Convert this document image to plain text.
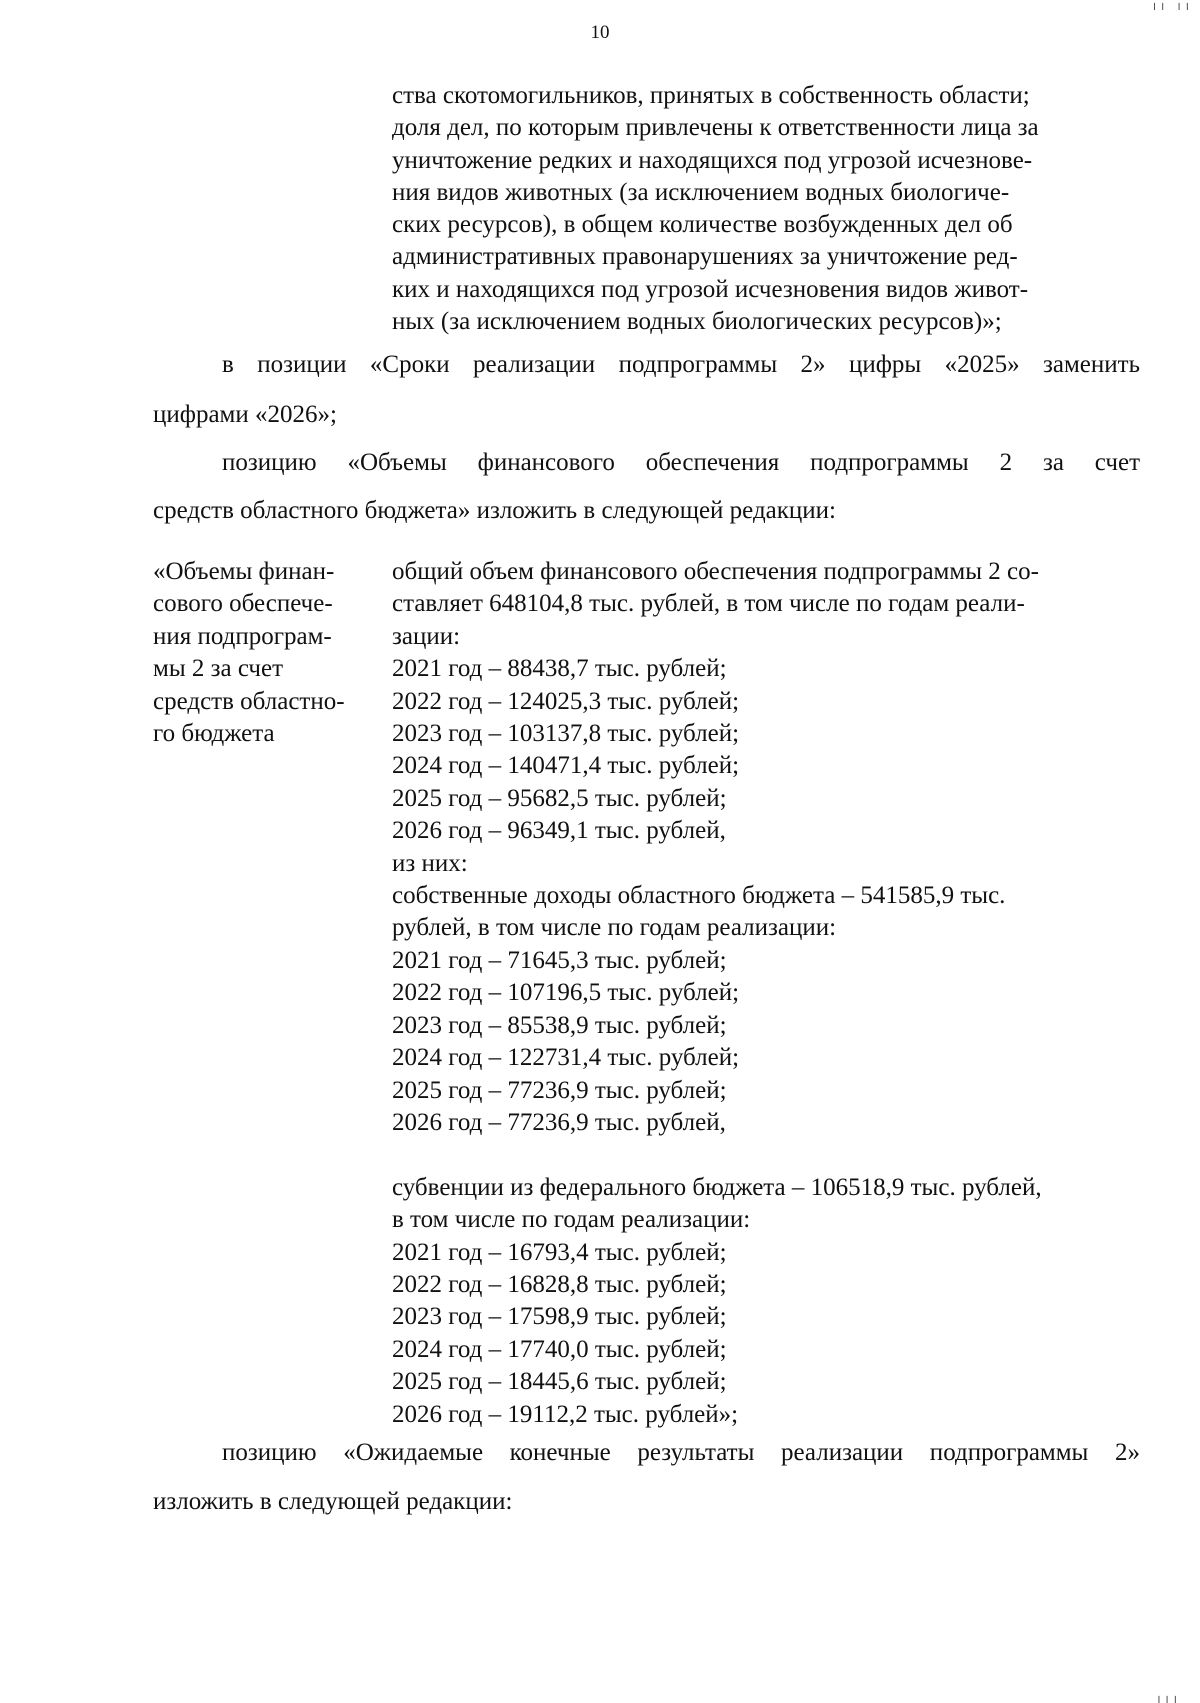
╷╷ ╷╷
╷╷╷
10
ства скотомогильников, принятых в собственность области;
доля дел, по которым привлечены к ответственности лица за
уничтожение редких и находящихся под угрозой исчезнове-
ния видов животных (за исключением водных биологиче-
ских ресурсов), в общем количестве возбужденных дел об
административных правонарушениях за уничтожение ред-
ких и находящихся под угрозой исчезновения видов живот-
ных (за исключением водных биологических ресурсов)»;
в позиции «Сроки реализации подпрограммы 2» цифры «2025» заменить
цифрами «2026»;
позицию «Объемы финансового обеспечения подпрограммы 2 за счет
средств областного бюджета» изложить в следующей редакции:
«Объемы финан-
сового обеспече-
ния подпрограм-
мы 2 за счет
средств областно-
го бюджета
общий объем финансового обеспечения подпрограммы 2 со-
ставляет 648104,8 тыс. рублей, в том числе по годам реали-
зации:
2021 год – 88438,7 тыс. рублей;
2022 год – 124025,3 тыс. рублей;
2023 год – 103137,8 тыс. рублей;
2024 год – 140471,4 тыс. рублей;
2025 год – 95682,5 тыс. рублей;
2026 год – 96349,1 тыс. рублей,
из них:
собственные доходы областного бюджета – 541585,9 тыс.
рублей, в том числе по годам реализации:
2021 год – 71645,3 тыс. рублей;
2022 год – 107196,5 тыс. рублей;
2023 год – 85538,9 тыс. рублей;
2024 год – 122731,4 тыс. рублей;
2025 год – 77236,9 тыс. рублей;
2026 год – 77236,9 тыс. рублей,
субвенции из федерального бюджета – 106518,9 тыс. рублей,
в том числе по годам реализации:
2021 год – 16793,4 тыс. рублей;
2022 год – 16828,8 тыс. рублей;
2023 год – 17598,9 тыс. рублей;
2024 год – 17740,0 тыс. рублей;
2025 год – 18445,6 тыс. рублей;
2026 год – 19112,2 тыс. рублей»;
позицию «Ожидаемые конечные результаты реализации подпрограммы 2»
изложить в следующей редакции:
